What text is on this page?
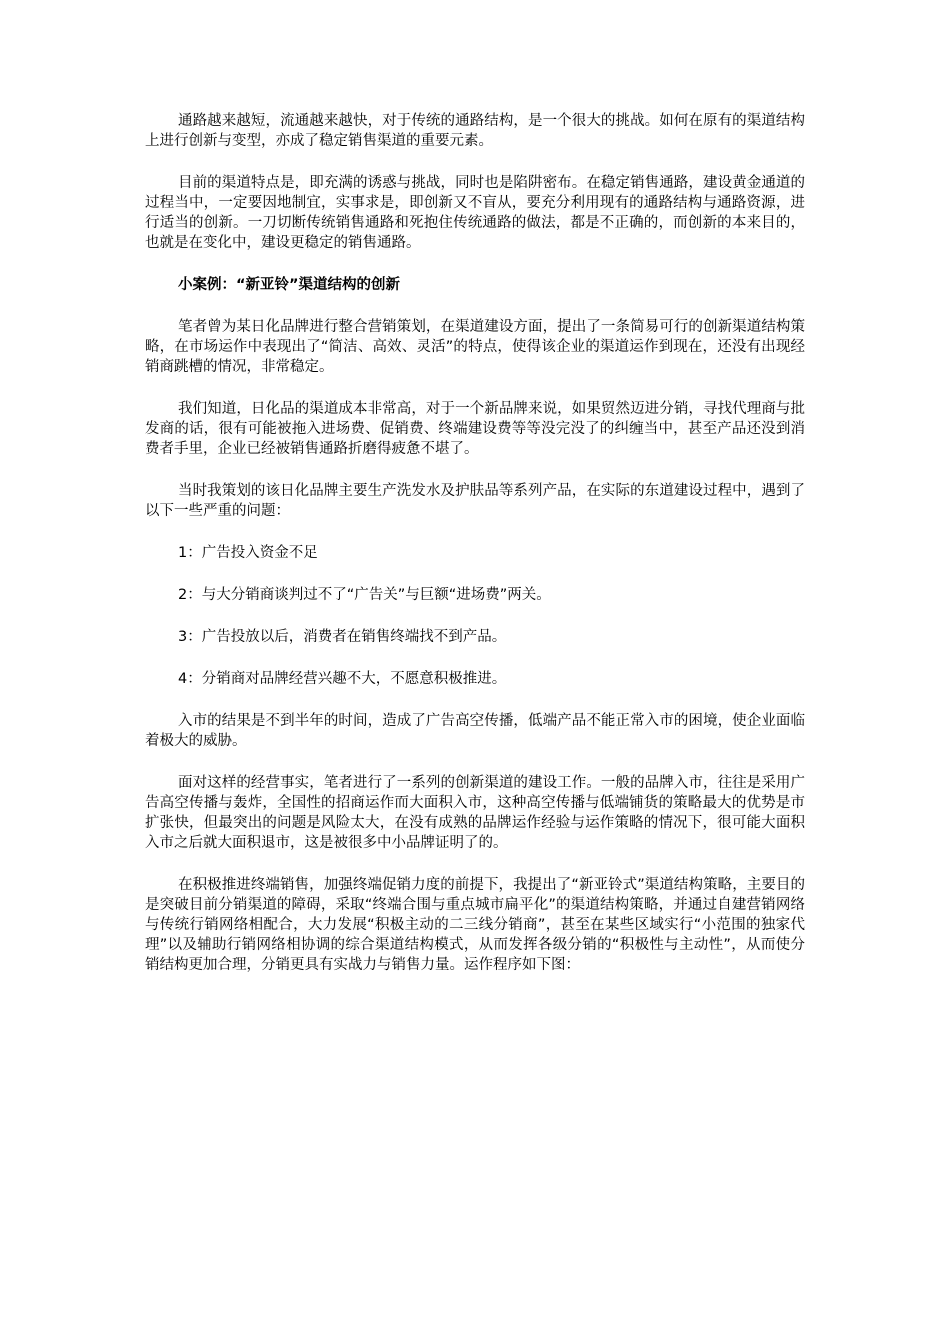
通路越来越短，流通越来越快，对于传统的通路结构，是一个很大的挑战。如何在原有的渠道结构上进行创新与变型，亦成了稳定销售渠道的重要元素。

目前的渠道特点是，即充满的诱惑与挑战，同时也是陷阱密布。在稳定销售通路，建设黄金通道的过程当中，一定要因地制宜，实事求是，即创新又不盲从，要充分利用现有的通路结构与通路资源，进行适当的创新。一刀切断传统销售通路和死抱住传统通路的做法，都是不正确的，而创新的本来目的，也就是在变化中，建设更稳定的销售通路。

小案例：“新亚铃”渠道结构的创新

笔者曾为某日化品牌进行整合营销策划，在渠道建设方面，提出了一条简易可行的创新渠道结构策略，在市场运作中表现出了“简洁、高效、灵活”的特点，使得该企业的渠道运作到现在，还没有出现经销商跳槽的情况，非常稳定。

我们知道，日化品的渠道成本非常高，对于一个新品牌来说，如果贸然迈进分销，寻找代理商与批发商的话，很有可能被拖入进场费、促销费、终端建设费等等没完没了的纠缠当中，甚至产品还没到消费者手里，企业已经被销售通路折磨得疲惫不堪了。

当时我策划的该日化品牌主要生产洗发水及护肤品等系列产品，在实际的东道建设过程中，遇到了以下一些严重的问题：

1：广告投入资金不足

2：与大分销商谈判过不了“广告关”与巨额“进场费”两关。

3：广告投放以后，消费者在销售终端找不到产品。

4：分销商对品牌经营兴趣不大，不愿意积极推进。

入市的结果是不到半年的时间，造成了广告高空传播，低端产品不能正常入市的困境，使企业面临着极大的威胁。

面对这样的经营事实，笔者进行了一系列的创新渠道的建设工作。一般的品牌入市，往往是采用广告高空传播与轰炸，全国性的招商运作而大面积入市，这种高空传播与低端铺货的策略最大的优势是市扩张快，但最突出的问题是风险太大，在没有成熟的品牌运作经验与运作策略的情况下，很可能大面积入市之后就大面积退市，这是被很多中小品牌证明了的。

在积极推进终端销售，加强终端促销力度的前提下，我提出了“新亚铃式”渠道结构策略，主要目的是突破目前分销渠道的障碍，采取“终端合围与重点城市扁平化”的渠道结构策略，并通过自建营销网络与传统行销网络相配合，大力发展“积极主动的二三线分销商”，甚至在某些区域实行“小范围的独家代理”以及辅助行销网络相协调的综合渠道结构模式，从而发挥各级分销的“积极性与主动性”，从而使分销结构更加合理，分销更具有实战力与销售力量。运作程序如下图：
